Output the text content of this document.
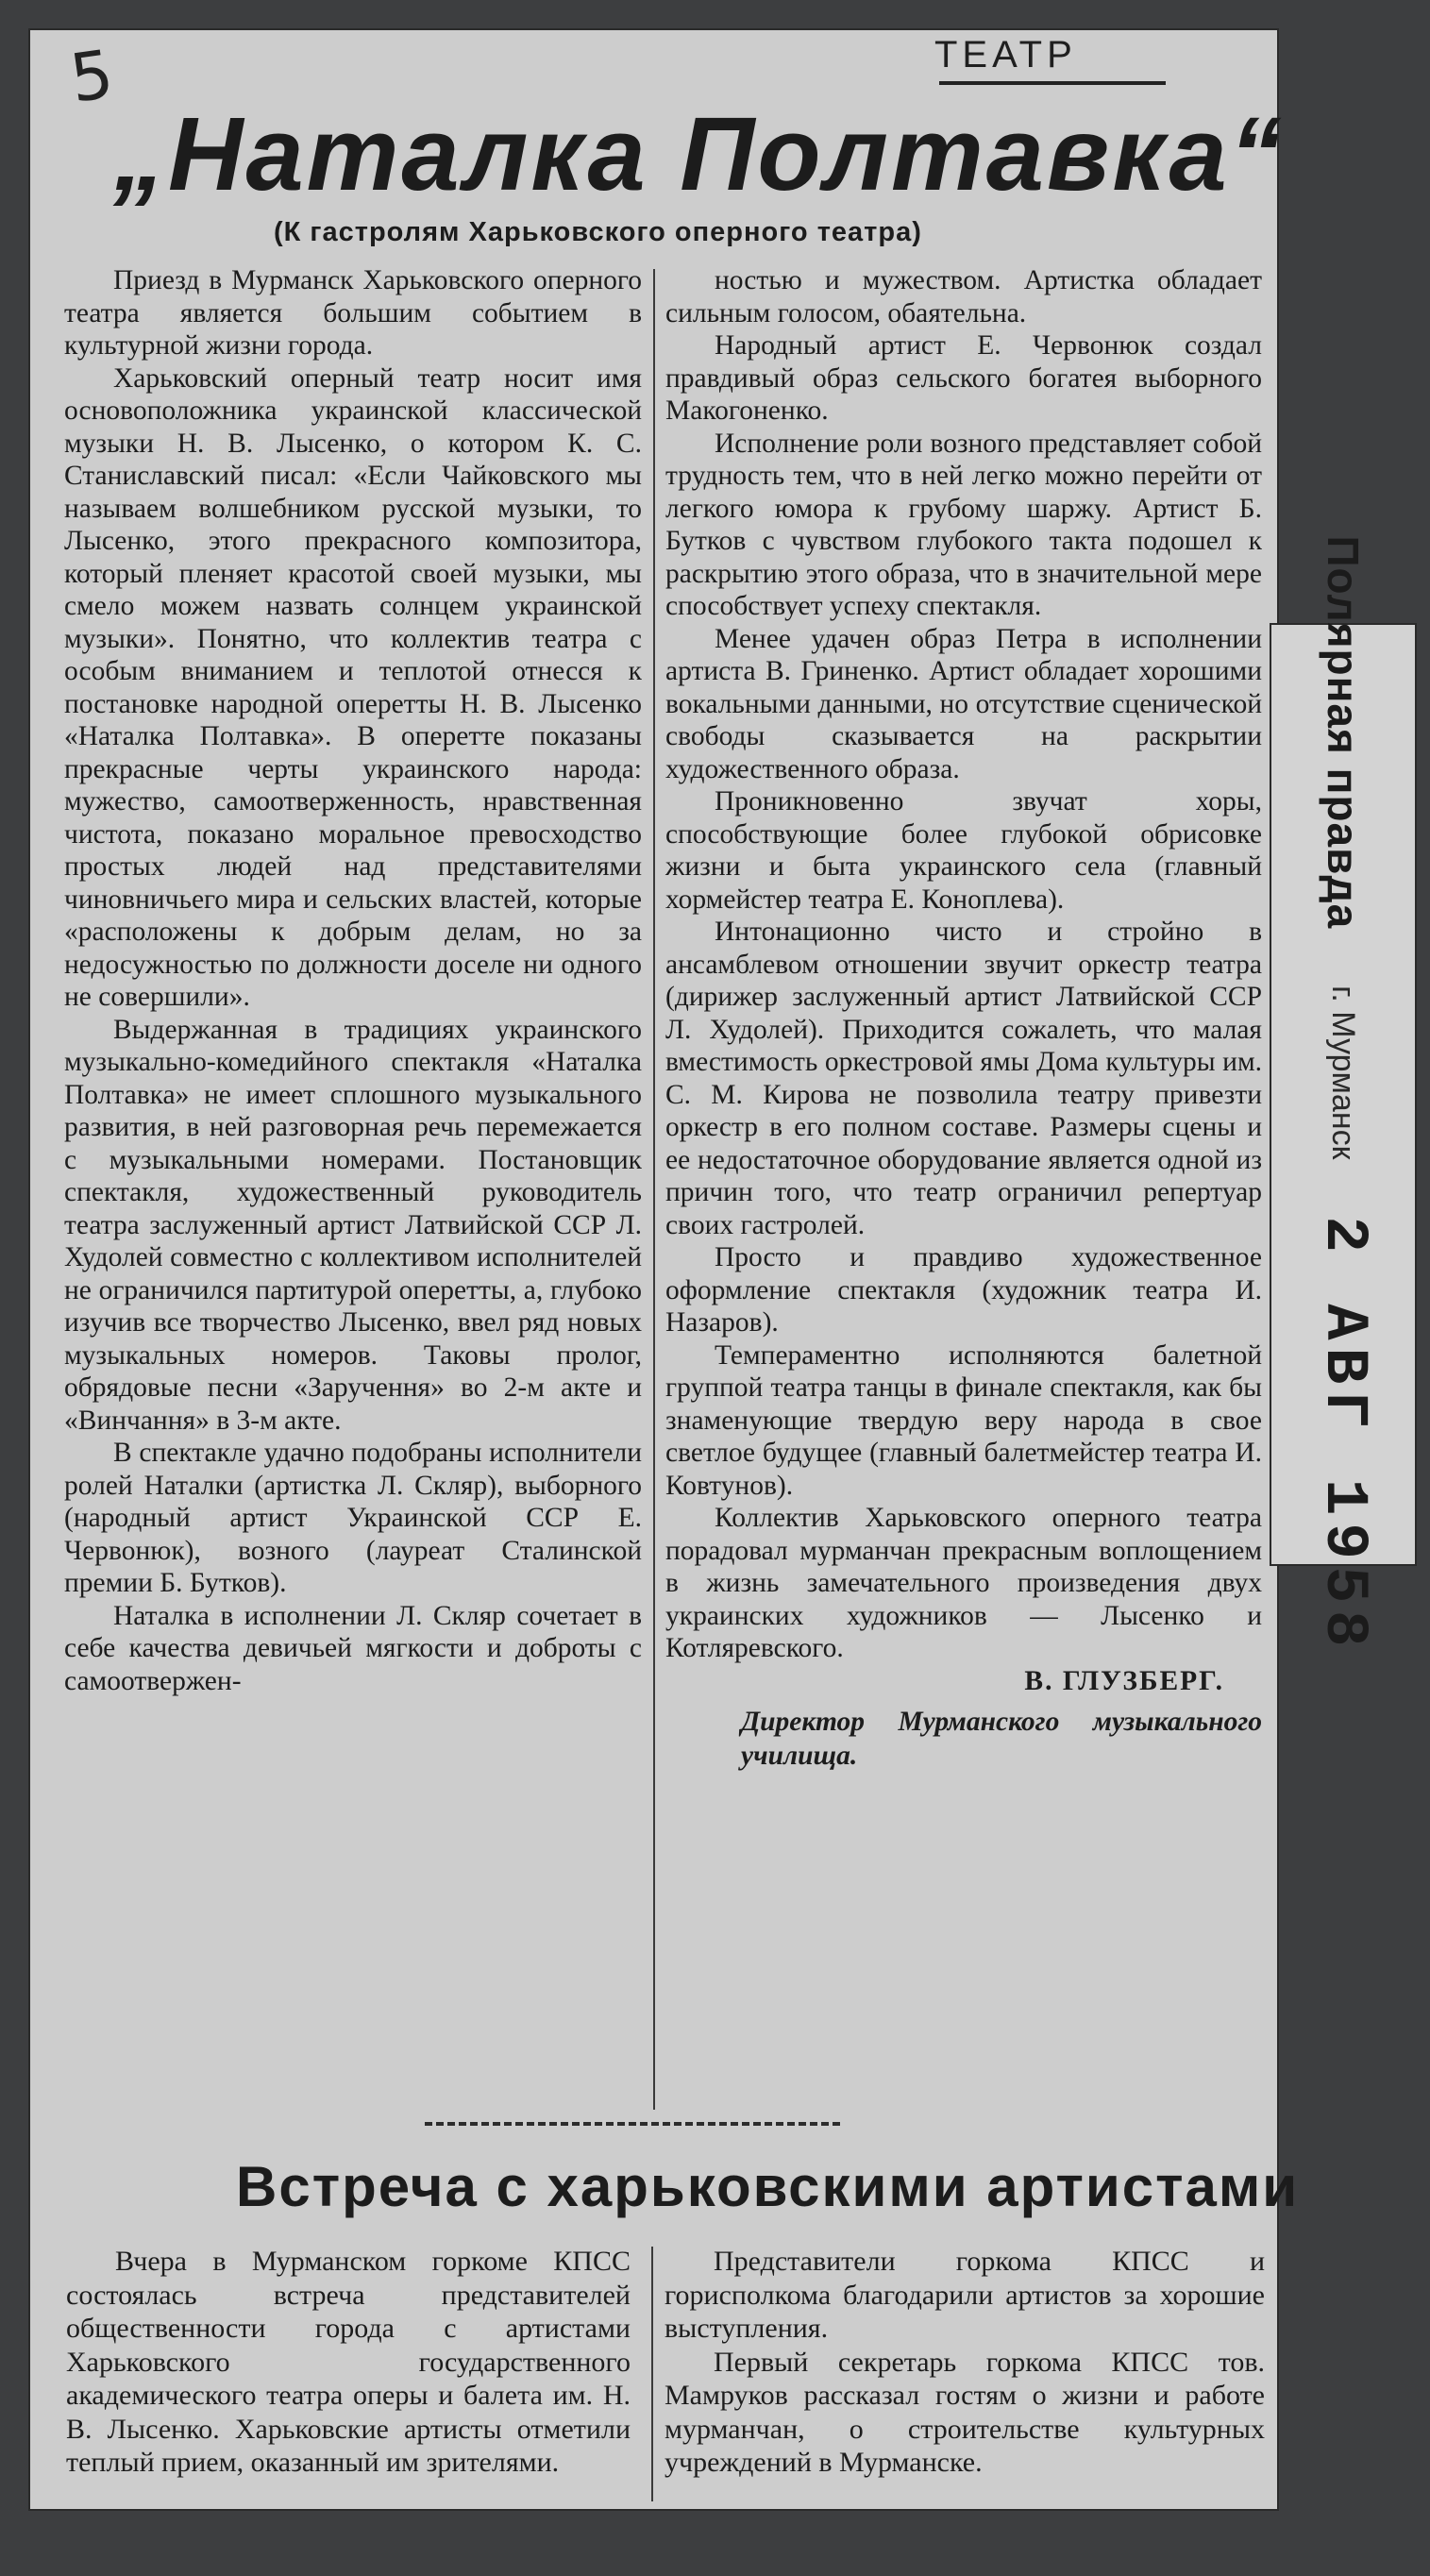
Полярная правда
г. Мурманск
2 АВГ 1958
5	ТЕАТР
„Наталка Полтавка“
(К гастролям Харьковского оперного театра)

Приезд в Мурманск Харьковского оперного театра является большим событием в культурной жизни города.

Харьковский оперный театр носит имя основоположника украинской классической музыки Н. В. Лысенко, о котором К. С. Станиславский писал: «Если Чайковского мы называем волшебником русской музыки, то Лысенко, этого прекрасного композитора, который пленяет красотой своей музыки, мы смело можем назвать солнцем украинской музыки». Понятно, что коллектив театра с особым вниманием и теплотой отнесся к постановке народной оперетты Н. В. Лысенко «Наталка Полтавка». В оперетте показаны прекрасные черты украинского народа: мужество, самоотверженность, нравственная чистота, показано моральное превосходство простых людей над представителями чиновничьего мира и сельских властей, которые «расположены к добрым делам, но за недосужностью по должности доселе ни одного не совершили».

Выдержанная в традициях украинского музыкально-комедийного спектакля «Наталка Полтавка» не имеет сплошного музыкального развития, в ней разговорная речь перемежается с музыкальными номерами. Постановщик спектакля, художественный руководитель театра заслуженный артист Латвийской ССР Л. Худолей совместно с коллективом исполнителей не ограничился партитурой оперетты, а, глубоко изучив все творчество Лысенко, ввел ряд новых музыкальных номеров. Таковы пролог, обрядовые песни «Заручення» во 2-м акте и «Винчання» в 3-м акте.

В спектакле удачно подобраны исполнители ролей Наталки (артистка Л. Скляр), выборного (народный артист Украинской ССР Е. Червонюк), возного (лауреат Сталинской премии Б. Бутков).

Наталка в исполнении Л. Скляр сочетает в себе качества девичьей мягкости и доброты с самоотвержен-

ностью и мужеством. Артистка обладает сильным голосом, обаятельна.

Народный артист Е. Червонюк создал правдивый образ сельского богатея выборного Макогоненко.

Исполнение роли возного представляет собой трудность тем, что в ней легко можно перейти от легкого юмора к грубому шаржу. Артист Б. Бутков с чувством глубокого такта подошел к раскрытию этого образа, что в значительной мере способствует успеху спектакля.

Менее удачен образ Петра в исполнении артиста В. Гриненко. Артист обладает хорошими вокальными данными, но отсутствие сценической свободы сказывается на раскрытии художественного образа.

Проникновенно звучат хоры, способствующие более глубокой обрисовке жизни и быта украинского села (главный хормейстер театра Е. Коноплева).

Интонационно чисто и стройно в ансамблевом отношении звучит оркестр театра (дирижер заслуженный артист Латвийской ССР Л. Худолей). Приходится сожалеть, что малая вместимость оркестровой ямы Дома культуры им. С. М. Кирова не позволила театру привезти оркестр в его полном составе. Размеры сцены и ее недостаточное оборудование является одной из причин того, что театр ограничил репертуар своих гастролей.

Просто и правдиво художественное оформление спектакля (художник театра И. Назаров).

Темпераментно исполняются балетной группой театра танцы в финале спектакля, как бы знаменующие твердую веру народа в свое светлое будущее (главный балетмейстер театра И. Ковтунов).

Коллектив Харьковского оперного театра порадовал мурманчан прекрасным воплощением в жизнь замечательного произведения двух украинских художников — Лысенко и Котляревского.

В. ГЛУЗБЕРГ.
Директор Мурманского музыкального училища.
Встреча с харьковскими артистами

Вчера в Мурманском горкоме КПСС состоялась встреча представителей общественности города с артистами Харьковского государственного академического театра оперы и балета им. Н. В. Лысенко. Харьковские артисты отметили теплый прием, оказанный им зрителями.

Представители горкома КПСС и горисполкома благодарили артистов за хорошие выступления.

Первый секретарь горкома КПСС тов. Мамруков рассказал гостям о жизни и работе мурманчан, о строительстве культурных учреждений в Мурманске.
